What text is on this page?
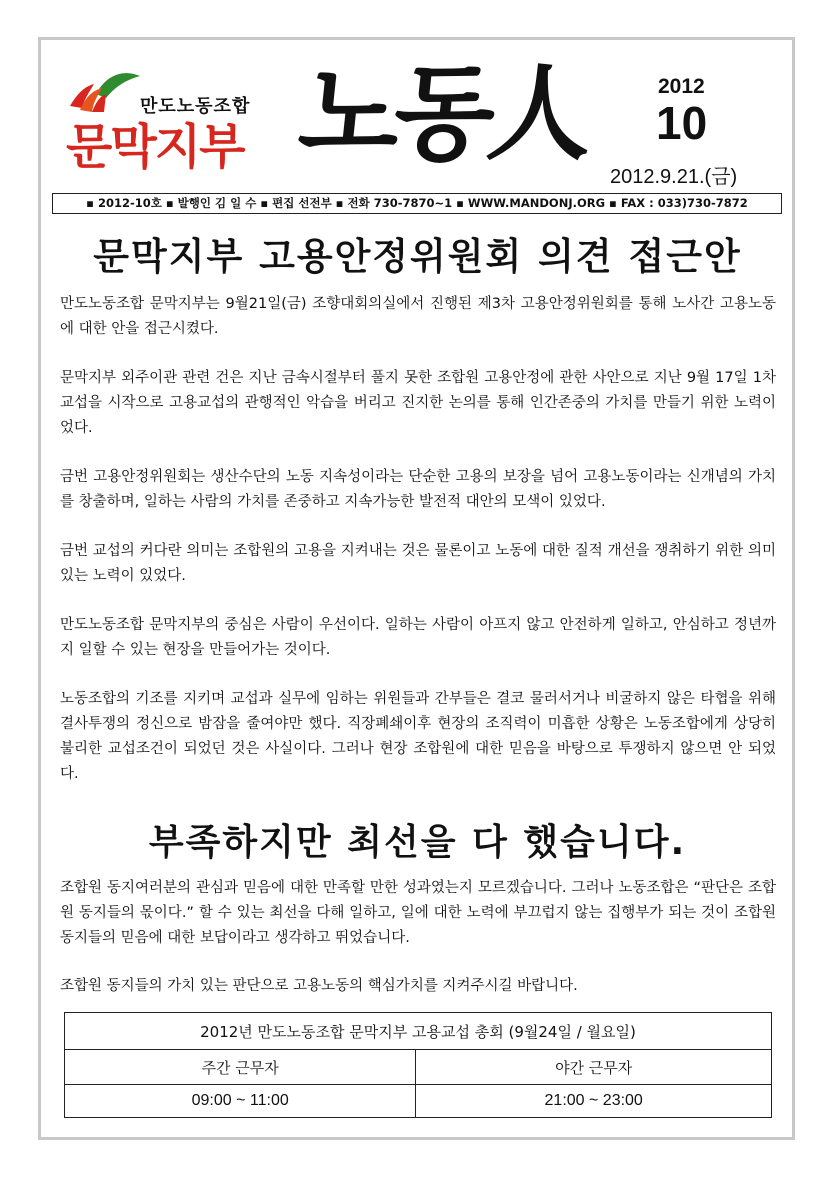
만도노동조합
문막지부 노동人	2012
10
2012.9.21.(금)
▪ 2012-10호 ▪ 발행인 김 일 수 ▪ 편집 선전부 ▪ 전화 730-7870~1 ▪ WWW.MANDONJ.ORG ▪ FAX : 033)730-7872
문막지부 고용안정위원회 의견 접근안

만도노동조합 문막지부는 9월21일(금) 조향대회의실에서 진행된 제3차 고용안정위원회를 통해 노사간 고용노동에 대한 안을 접근시켰다.

문막지부 외주이관 관련 건은 지난 금속시절부터 풀지 못한 조합원 고용안정에 관한 사안으로 지난 9월 17일 1차 교섭을 시작으로 고용교섭의 관행적인 악습을 버리고 진지한 논의를 통해 인간존중의 가치를 만들기 위한 노력이었다.

금번 고용안정위원회는 생산수단의 노동 지속성이라는 단순한 고용의 보장을 넘어 고용노동이라는 신개념의 가치를 창출하며, 일하는 사람의 가치를 존중하고 지속가능한 발전적 대안의 모색이 있었다.

금번 교섭의 커다란 의미는 조합원의 고용을 지켜내는 것은 물론이고 노동에 대한 질적 개선을 쟁취하기 위한 의미 있는 노력이 있었다.

만도노동조합 문막지부의 중심은 사람이 우선이다. 일하는 사람이 아프지 않고 안전하게 일하고, 안심하고 정년까지 일할 수 있는 현장을 만들어가는 것이다.

노동조합의 기조를 지키며 교섭과 실무에 임하는 위원들과 간부들은 결코 물러서거나 비굴하지 않은 타협을 위해 결사투쟁의 정신으로 밤잠을 줄여야만 했다. 직장폐쇄이후 현장의 조직력이 미흡한 상황은 노동조합에게 상당히 불리한 교섭조건이 되었던 것은 사실이다. 그러나 현장 조합원에 대한 믿음을 바탕으로 투쟁하지 않으면 안 되었다.

부족하지만 최선을 다 했습니다.

조합원 동지여러분의 관심과 믿음에 대한 만족할 만한 성과였는지 모르겠습니다. 그러나 노동조합은 “판단은 조합원 동지들의 몫이다.” 할 수 있는 최선을 다해 일하고, 일에 대한 노력에 부끄럽지 않는 집행부가 되는 것이 조합원 동지들의 믿음에 대한 보답이라고 생각하고 뛰었습니다.

조합원 동지들의 가치 있는 판단으로 고용노동의 핵심가치를 지켜주시길 바랍니다.

2012년 만도노동조합 문막지부 고용교섭 총회 (9월24일 / 월요일)	
주간 근무자	야간 근무자
09:00 ~ 11:00	21:00 ~ 23:00
